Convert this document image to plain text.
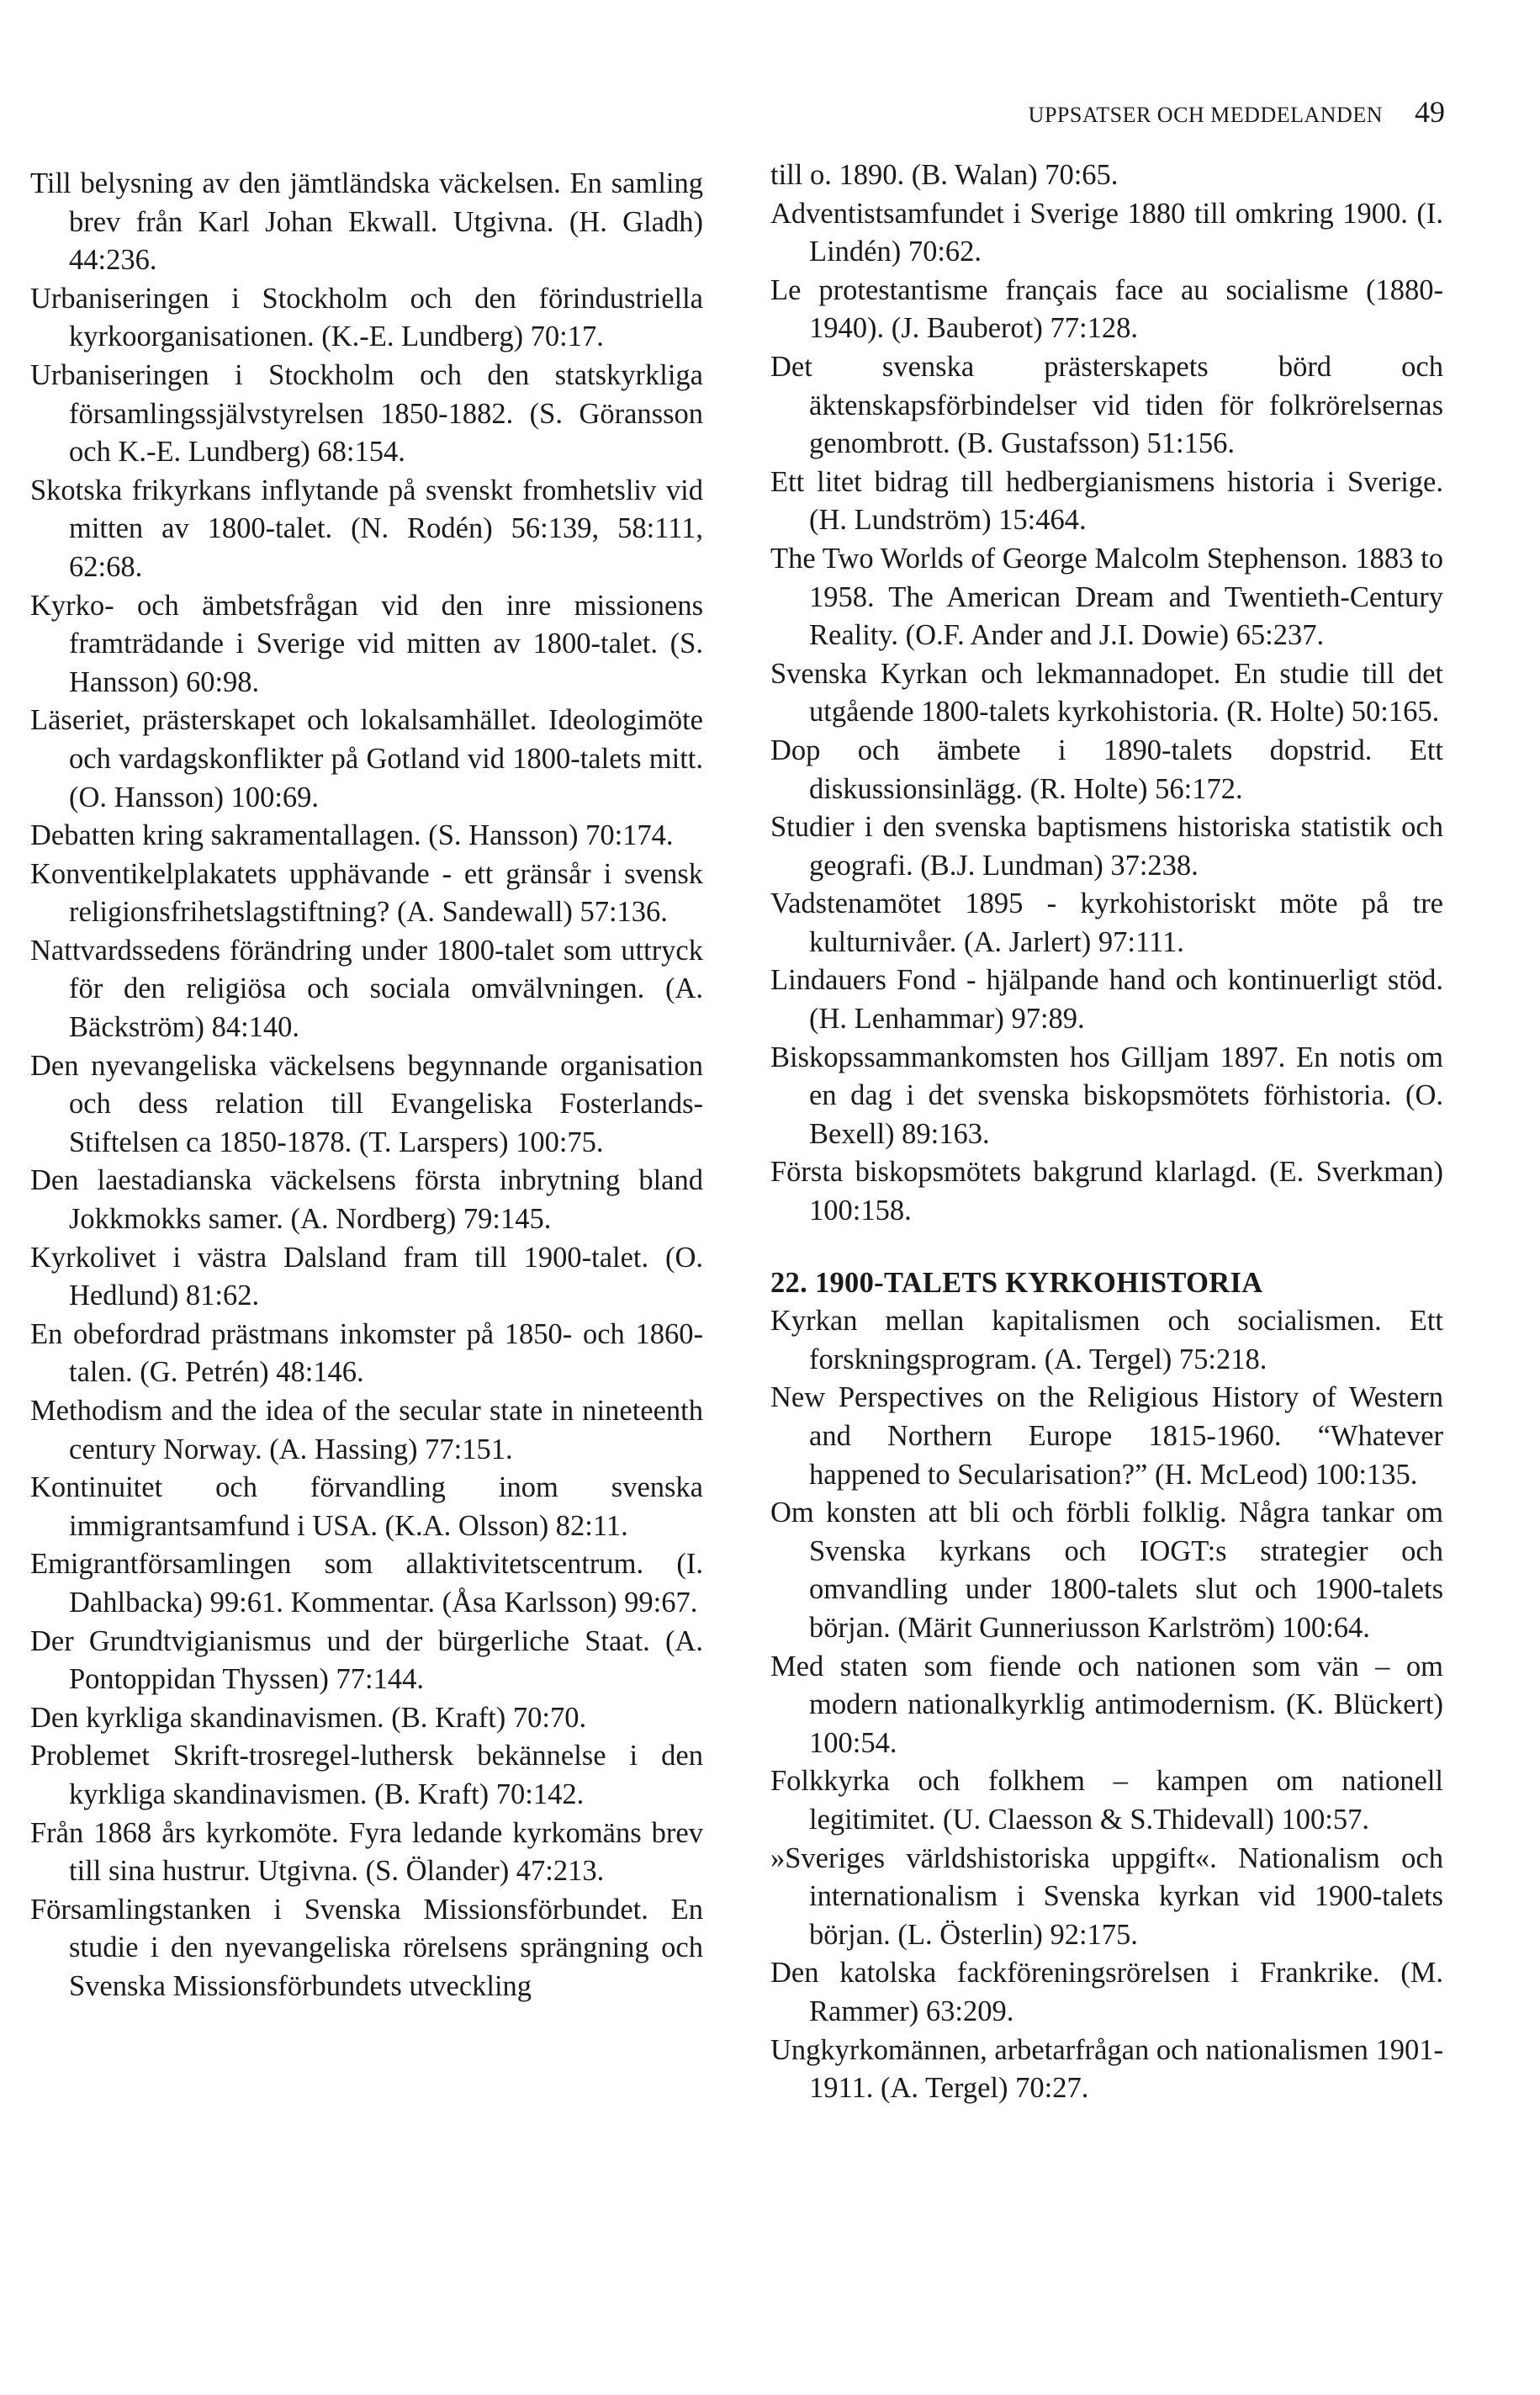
UPPSATSER OCH MEDDELANDEN 49

Till belysning av den jämtländska väckelsen. En samling brev från Karl Johan Ekwall. Utgivna. (H. Gladh) 44:236.

Urbaniseringen i Stockholm och den förindustriella kyrkoorganisationen. (K.-E. Lundberg) 70:17.

Urbaniseringen i Stockholm och den statskyrkliga församlingssjälvstyrelsen 1850-1882. (S. Göransson och K.-E. Lundberg) 68:154.

Skotska frikyrkans inflytande på svenskt fromhetsliv vid mitten av 1800-talet. (N. Rodén) 56:139, 58:111, 62:68.

Kyrko- och ämbetsfrågan vid den inre missionens framträdande i Sverige vid mitten av 1800-talet. (S. Hansson) 60:98.

Läseriet, prästerskapet och lokalsamhället. Ideologimöte och vardagskonflikter på Gotland vid 1800-talets mitt. (O. Hansson) 100:69.

Debatten kring sakramentallagen. (S. Hansson) 70:174.

Konventikelplakatets upphävande - ett gränsår i svensk religionsfrihetslagstiftning? (A. Sandewall) 57:136.

Nattvardssedens förändring under 1800-talet som uttryck för den religiösa och sociala omvälvningen. (A. Bäckström) 84:140.

Den nyevangeliska väckelsens begynnande organisation och dess relation till Evangeliska Fosterlands-Stiftelsen ca 1850-1878. (T. Larspers) 100:75.

Den laestadianska väckelsens första inbrytning bland Jokkmokks samer. (A. Nordberg) 79:145.

Kyrkolivet i västra Dalsland fram till 1900-talet. (O. Hedlund) 81:62.

En obefordrad prästmans inkomster på 1850- och 1860-talen. (G. Petrén) 48:146.

Methodism and the idea of the secular state in nineteenth century Norway. (A. Hassing) 77:151.

Kontinuitet och förvandling inom svenska immigrantsamfund i USA. (K.A. Olsson) 82:11.

Emigrantförsamlingen som allaktivitetscentrum. (I. Dahlbacka) 99:61. Kommentar. (Åsa Karlsson) 99:67.

Der Grundtvigianismus und der bürgerliche Staat. (A. Pontoppidan Thyssen) 77:144.

Den kyrkliga skandinavismen. (B. Kraft) 70:70.

Problemet Skrift-trosregel-luthersk bekännelse i den kyrkliga skandinavismen. (B. Kraft) 70:142.

Från 1868 års kyrkomöte. Fyra ledande kyrkomäns brev till sina hustrur. Utgivna. (S. Ölander) 47:213.

Församlingstanken i Svenska Missionsförbundet. En studie i den nyevangeliska rörelsens sprängning och Svenska Missionsförbundets utveckling

till o. 1890. (B. Walan) 70:65.

Adventistsamfundet i Sverige 1880 till omkring 1900. (I. Lindén) 70:62.

Le protestantisme français face au socialisme (1880-1940). (J. Bauberot) 77:128.

Det svenska prästerskapets börd och äktenskapsförbindelser vid tiden för folkrörelsernas genombrott. (B. Gustafsson) 51:156.

Ett litet bidrag till hedbergianismens historia i Sverige. (H. Lundström) 15:464.

The Two Worlds of George Malcolm Stephenson. 1883 to 1958. The American Dream and Twentieth-Century Reality. (O.F. Ander and J.I. Dowie) 65:237.

Svenska Kyrkan och lekmannadopet. En studie till det utgående 1800-talets kyrkohistoria. (R. Holte) 50:165.

Dop och ämbete i 1890-talets dopstrid. Ett diskussionsinlägg. (R. Holte) 56:172.

Studier i den svenska baptismens historiska statistik och geografi. (B.J. Lundman) 37:238.

Vadstenamötet 1895 - kyrkohistoriskt möte på tre kulturnivåer. (A. Jarlert) 97:111.

Lindauers Fond - hjälpande hand och kontinuerligt stöd. (H. Lenhammar) 97:89.

Biskopssammankomsten hos Gilljam 1897. En notis om en dag i det svenska biskopsmötets förhistoria. (O. Bexell) 89:163.

Första biskopsmötets bakgrund klarlagd. (E. Sverkman) 100:158.

22. 1900-TALETS KYRKOHISTORIA

Kyrkan mellan kapitalismen och socialismen. Ett forskningsprogram. (A. Tergel) 75:218.

New Perspectives on the Religious History of Western and Northern Europe 1815-1960. “Whatever happened to Secularisation?” (H. McLeod) 100:135.

Om konsten att bli och förbli folklig. Några tankar om Svenska kyrkans och IOGT:s strategier och omvandling under 1800-talets slut och 1900-talets början. (Märit Gunneriusson Karlström) 100:64.

Med staten som fiende och nationen som vän – om modern nationalkyrklig antimodernism. (K. Blückert) 100:54.

Folkkyrka och folkhem – kampen om nationell legitimitet. (U. Claesson & S.Thidevall) 100:57.

»Sveriges världshistoriska uppgift«. Nationalism och internationalism i Svenska kyrkan vid 1900-talets början. (L. Österlin) 92:175.

Den katolska fackföreningsrörelsen i Frankrike. (M. Rammer) 63:209.

Ungkyrkomännen, arbetarfrågan och nationalismen 1901-1911. (A. Tergel) 70:27.
